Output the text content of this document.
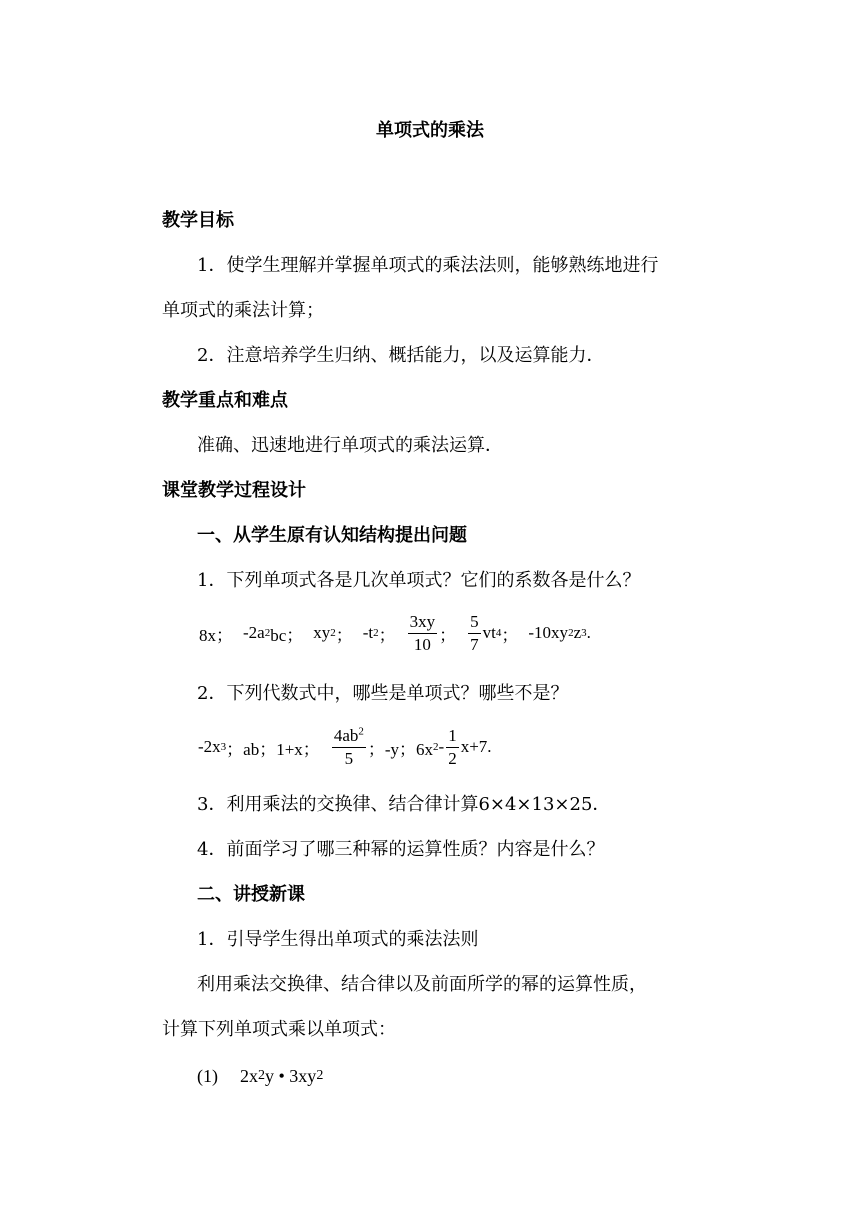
单项式的乘法
教学目标
1．使学生理解并掌握单项式的乘法法则，能够熟练地进行
单项式的乘法计算；
2．注意培养学生归纳、概括能力，以及运算能力．
教学重点和难点
准确、迅速地进行单项式的乘法运算．
课堂教学过程设计
一、从学生原有认知结构提出问题
1．下列单项式各是几次单项式？它们的系数各是什么？
8x； -2a 2 bc； xy 2 ； -t 2 ； $\frac{3xy}{10}$ ； $\frac{5}{7}$ vt 4 ； -10xy 2 z 3 .
2．下列代数式中，哪些是单项式？哪些不是？
-2x 3 ；ab；1+x； $\frac{4ab^2}{5}$ ；-y；6x $2 - \frac{1}{2} x+7$.
3．利用乘法的交换律、结合律计算6×4×13×25．
4．前面学习了哪三种幂的运算性质？内容是什么？
二、讲授新课
1．引导学生得出单项式的乘法法则
利用乘法交换律、结合律以及前面所学的幂的运算性质，
计算下列单项式乘以单项式：
(1) 2x 2 y • 3xy 2
